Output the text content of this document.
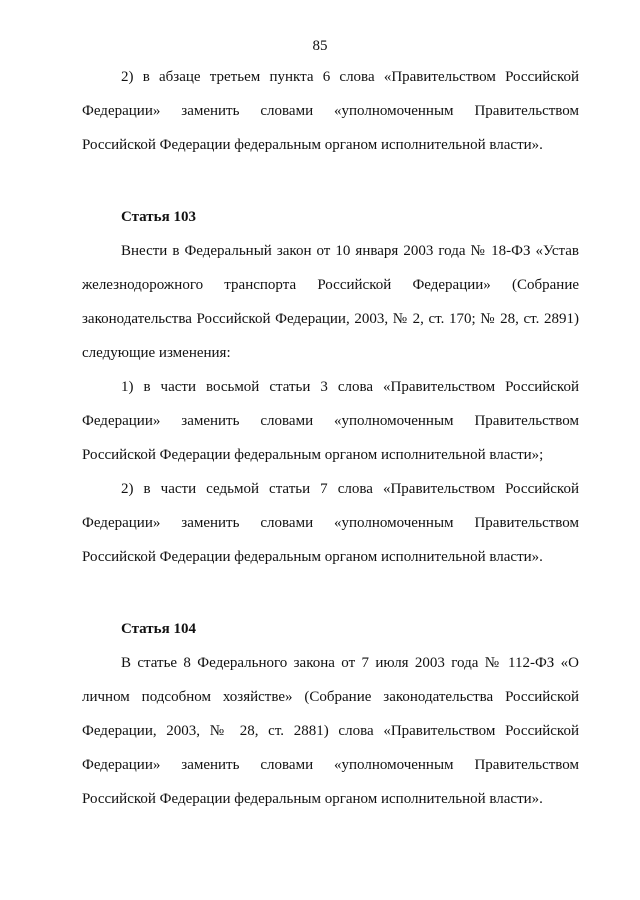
85

2) в абзаце третьем пункта 6 слова «Правительством Российской Федерации» заменить словами «уполномоченным Правительством Российской Федерации федеральным органом исполнительной власти».

Статья 103

Внести в Федеральный закон от 10 января 2003 года № 18-ФЗ «Устав железнодорожного транспорта Российской Федерации» (Собрание законодательства Российской Федерации, 2003, № 2, ст. 170; № 28, ст. 2891) следующие изменения:

1) в части восьмой статьи 3 слова «Правительством Российской Федерации» заменить словами «уполномоченным Правительством Российской Федерации федеральным органом исполнительной власти»;

2) в части седьмой статьи 7 слова «Правительством Российской Федерации» заменить словами «уполномоченным Правительством Российской Федерации федеральным органом исполнительной власти».

Статья 104

В статье 8 Федерального закона от 7 июля 2003 года № 112-ФЗ «О личном подсобном хозяйстве» (Собрание законодательства Российской Федерации, 2003, № 28, ст. 2881) слова «Правительством Российской Федерации» заменить словами «уполномоченным Правительством Российской Федерации федеральным органом исполнительной власти».
